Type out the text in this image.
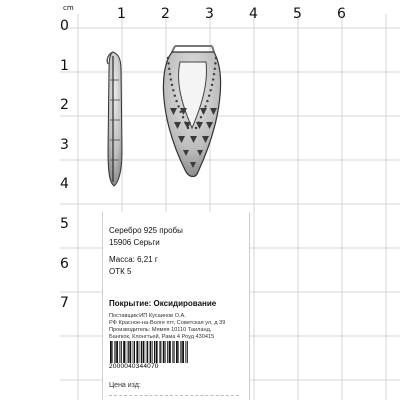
cm	1	2	3	4	5	6
0
1
2
3
4
5
6
7
Серебро 925 пробы
15906 Серьги
Масса: 6,21 г
ОТК 5
Покрытие: Оксидирование
Поставщик:ИП Кусаинов О.А.
РФ Красное-на-Волге пгт, Советская ул, д 39
Производитель: Мямяя 10110 Таиланд,
Бангкок, Клонгтьей, Рама 4 Роуд 430415
2000040344070
Цена изд:
